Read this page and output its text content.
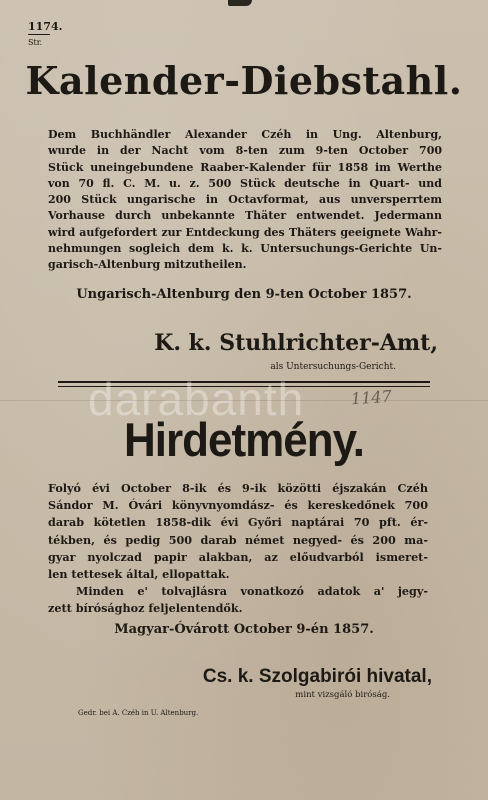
1174.
Str.
Kalender-Diebstahl.
Dem Buchhändler Alexander Czéh in Ung. Altenburg,
wurde in der Nacht vom 8-ten zum 9-ten October 700
Stück uneingebundene Raaber-Kalender für 1858 im Werthe
von 70 fl. C. M. u. z. 500 Stück deutsche in Quart- und
200 Stück ungarische in Octavformat, aus unversperrtem
Vorhause durch unbekannte Thäter entwendet. Jedermann
wird aufgefordert zur Entdeckung des Thäters geeignete Wahr-
nehmungen sogleich dem k. k. Untersuchungs-Gerichte Un-
garisch-Altenburg mitzutheilen.
Ungarisch-Altenburg den 9-ten October 1857.
K. k. Stuhlrichter-Amt,
als Untersuchungs-Gericht.
1147
darabanth
Hirdetmény.
Folyó évi October 8-ik és 9-ik közötti éjszakán Czéh
Sándor M. Óvári könyvnyomdász- és kereskedőnek 700
darab kötetlen 1858-dik évi Győri naptárai 70 pft. ér-
tékben, és pedig 500 darab német negyed- és 200 ma-
gyar nyolczad papir alakban, az előudvarból ismeret-
len tettesek által, ellopattak.
Minden e' tolvajlásra vonatkozó adatok a' jegy-
zett bírósághoz feljelentendők.
Magyar-Óvárott October 9-én 1857.
Cs. k. Szolgabirói hivatal,
mint vizsgáló biróság.
Gedr. bei A. Czéh in U. Altenburg.
